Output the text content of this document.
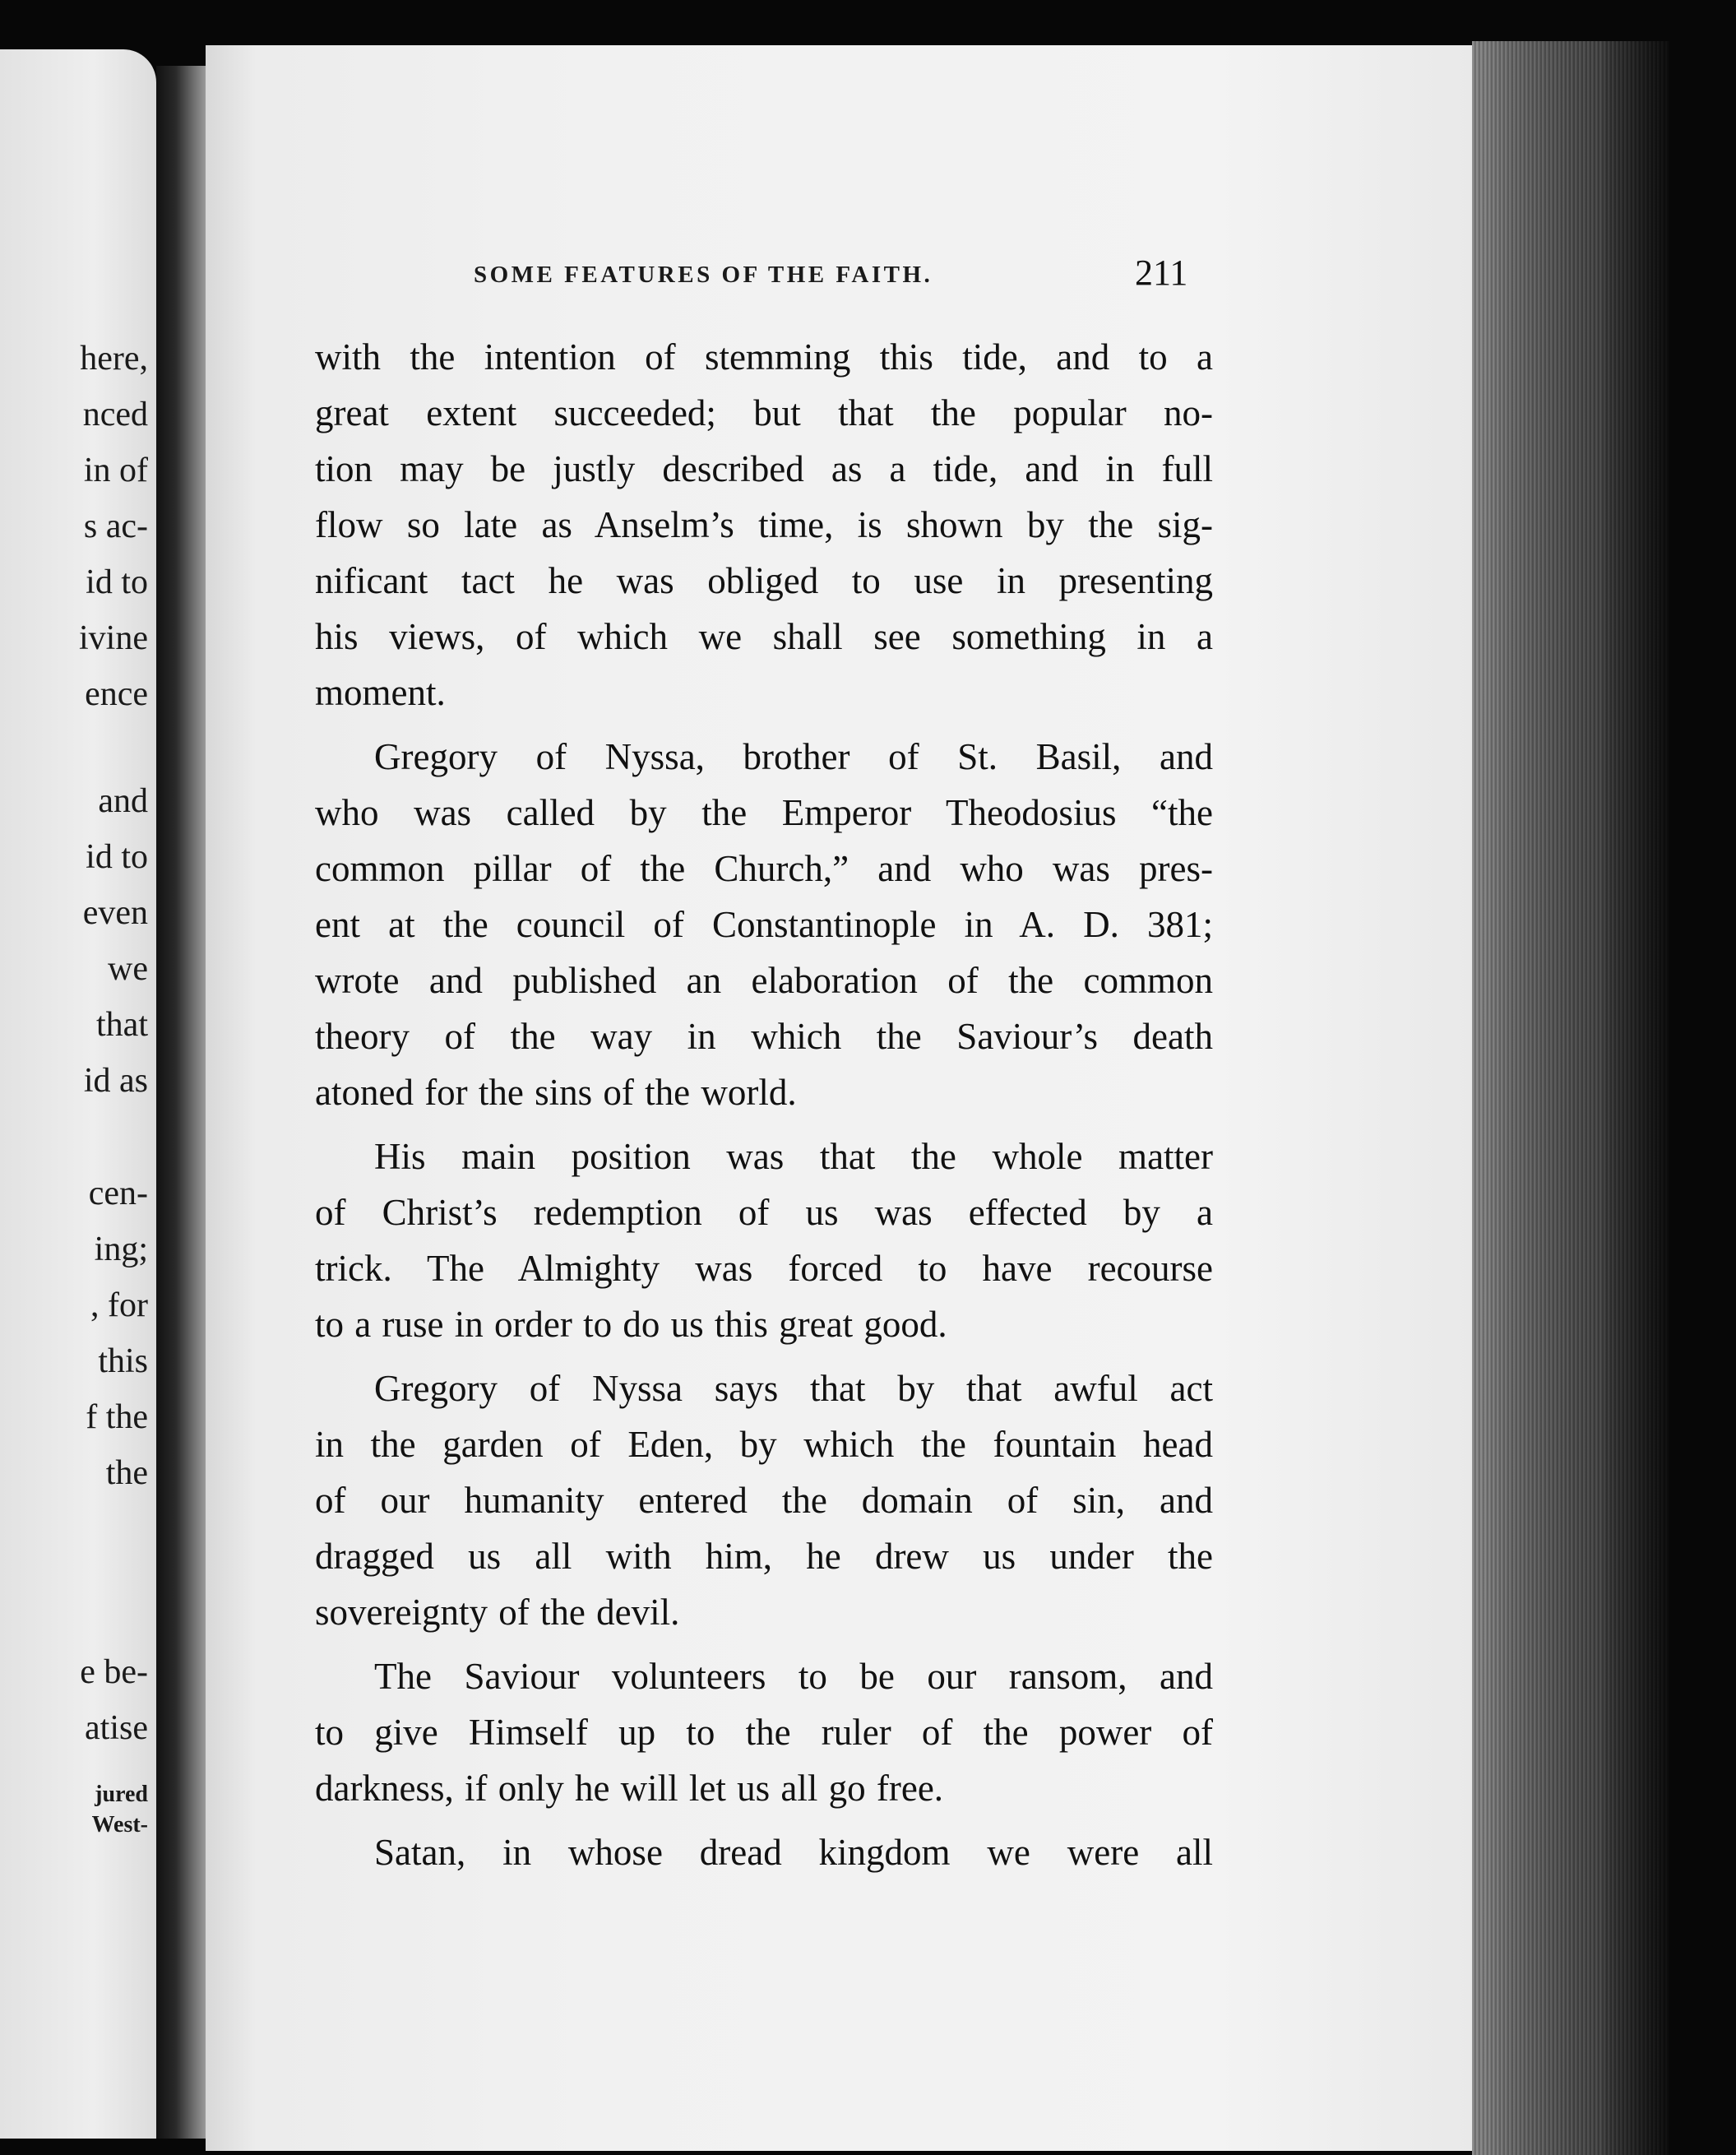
here,
nced
in of
s ac-
id to
ivine
ence
and
id to
even
we
that
id as
cen-
ing;
, for
this
f the
the
e be-
atise
jured
West-
SOME FEATURES OF THE FAITH.	211
with the intention of stemming this tide, and to a
great extent succeeded; but that the popular no-
tion may be justly described as a tide, and in full
flow so late as Anselm’s time, is shown by the sig-
nificant tact he was obliged to use in presenting
his views, of which we shall see something in a
moment.
Gregory of Nyssa, brother of St. Basil, and
who was called by the Emperor Theodosius “the
common pillar of the Church,” and who was pres-
ent at the council of Constantinople in A. D. 381;
wrote and published an elaboration of the common
theory of the way in which the Saviour’s death
atoned for the sins of the world.
His main position was that the whole matter
of Christ’s redemption of us was effected by a
trick. The Almighty was forced to have recourse
to a ruse in order to do us this great good.
Gregory of Nyssa says that by that awful act
in the garden of Eden, by which the fountain head
of our humanity entered the domain of sin, and
dragged us all with him, he drew us under the
sovereignty of the devil.
The Saviour volunteers to be our ransom, and
to give Himself up to the ruler of the power of
darkness, if only he will let us all go free.
Satan, in whose dread kingdom we were all
